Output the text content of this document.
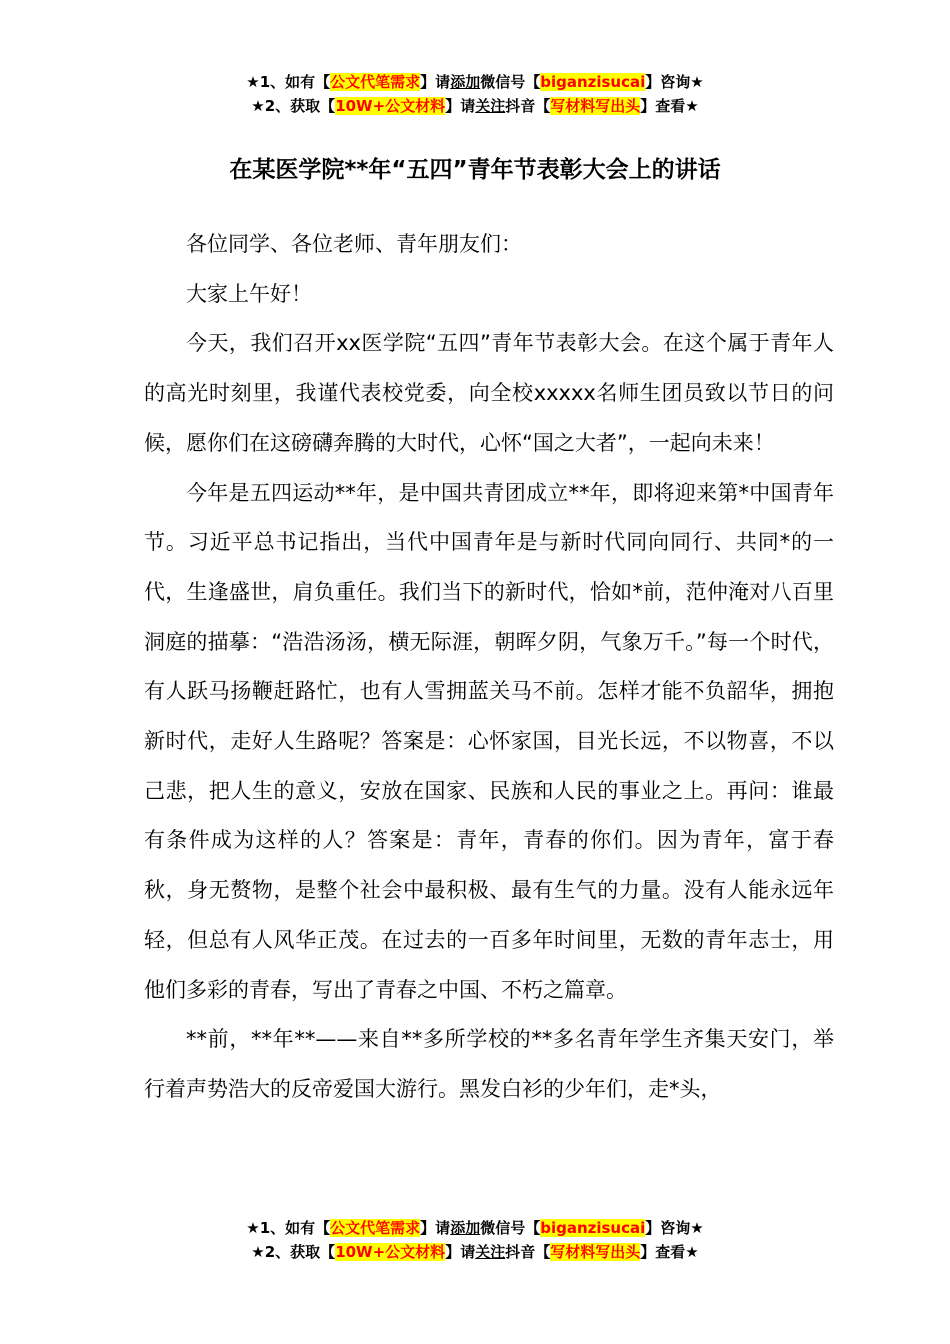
★1、如有【公文代笔需求】请添加微信号【biganzisucai】咨询★
★2、获取【10W+公文材料】请关注抖音【写材料写出头】查看★
在某医学院**年“五四”青年节表彰大会上的讲话

各位同学、各位老师、青年朋友们：

大家上午好！

今天，我们召开xx医学院“五四”青年节表彰大会。在这个属于青年人的高光时刻里，我谨代表校党委，向全校xxxxx名师生团员致以节日的问候，愿你们在这磅礴奔腾的大时代，心怀“国之大者”，一起向未来！

今年是五四运动**年，是中国共青团成立**年，即将迎来第*中国青年节。习近平总书记指出，当代中国青年是与新时代同向同行、共同*的一代，生逢盛世，肩负重任。我们当下的新时代，恰如*前，范仲淹对八百里洞庭的描摹：“浩浩汤汤，横无际涯，朝晖夕阴，气象万千。”每一个时代，有人跃马扬鞭赶路忙，也有人雪拥蓝关马不前。怎样才能不负韶华，拥抱新时代，走好人生路呢？答案是：心怀家国，目光长远，不以物喜，不以己悲，把人生的意义，安放在国家、民族和人民的事业之上。再问：谁最有条件成为这样的人？答案是：青年，青春的你们。因为青年，富于春秋，身无赘物，是整个社会中最积极、最有生气的力量。没有人能永远年轻，但总有人风华正茂。在过去的一百多年时间里，无数的青年志士，用他们多彩的青春，写出了青春之中国、不朽之篇章。

**前，**年**——来自**多所学校的**多名青年学生齐集天安门，举行着声势浩大的反帝爱国大游行。黑发白衫的少年们，走*头，

★1、如有【公文代笔需求】请添加微信号【biganzisucai】咨询★
★2、获取【10W+公文材料】请关注抖音【写材料写出头】查看★
